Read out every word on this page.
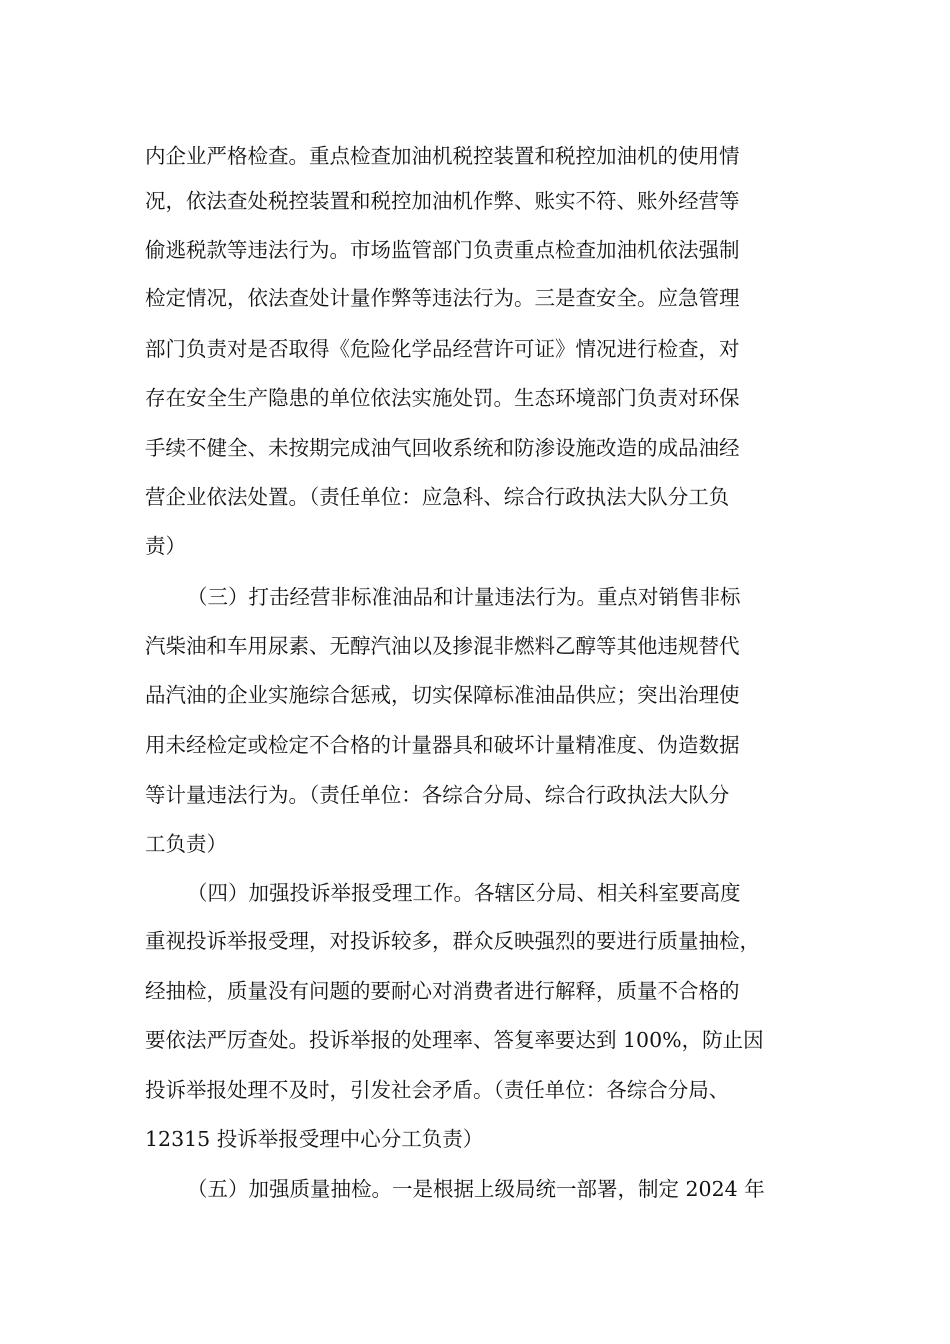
内企业严格检查。重点检查加油机税控装置和税控加油机的使用情
况，依法查处税控装置和税控加油机作弊、账实不符、账外经营等
偷逃税款等违法行为。市场监管部门负责重点检查加油机依法强制
检定情况，依法查处计量作弊等违法行为。三是查安全。应急管理
部门负责对是否取得《危险化学品经营许可证》情况进行检查，对
存在安全生产隐患的单位依法实施处罚。生态环境部门负责对环保
手续不健全、未按期完成油气回收系统和防渗设施改造的成品油经
营企业依法处置。（责任单位：应急科、综合行政执法大队分工负
责）
（三）打击经营非标准油品和计量违法行为。重点对销售非标
汽柴油和车用尿素、无醇汽油以及掺混非燃料乙醇等其他违规替代
品汽油的企业实施综合惩戒，切实保障标准油品供应；突出治理使
用未经检定或检定不合格的计量器具和破坏计量精准度、伪造数据
等计量违法行为。（责任单位：各综合分局、综合行政执法大队分
工负责）
（四）加强投诉举报受理工作。各辖区分局、相关科室要高度
重视投诉举报受理，对投诉较多，群众反映强烈的要进行质量抽检，
经抽检，质量没有问题的要耐心对消费者进行解释，质量不合格的
要依法严厉查处。投诉举报的处理率、答复率要达到 100%，防止因
投诉举报处理不及时，引发社会矛盾。（责任单位：各综合分局、
12315 投诉举报受理中心分工负责）
（五）加强质量抽检。一是根据上级局统一部署，制定 2024 年
